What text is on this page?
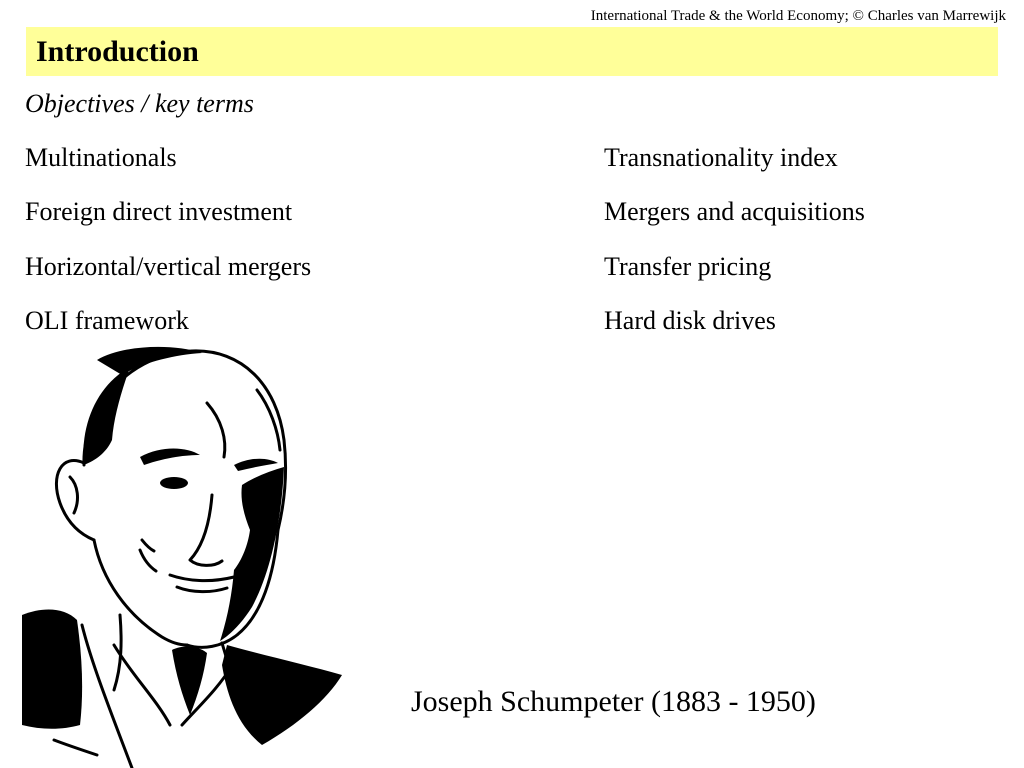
International Trade & the World Economy; © Charles van Marrewijk
Introduction
Objectives / key terms
Multinationals
Foreign direct investment
Horizontal/vertical mergers
OLI framework
Transnationality index
Mergers and acquisitions
Transfer pricing
Hard disk drives
Joseph Schumpeter (1883 - 1950)
